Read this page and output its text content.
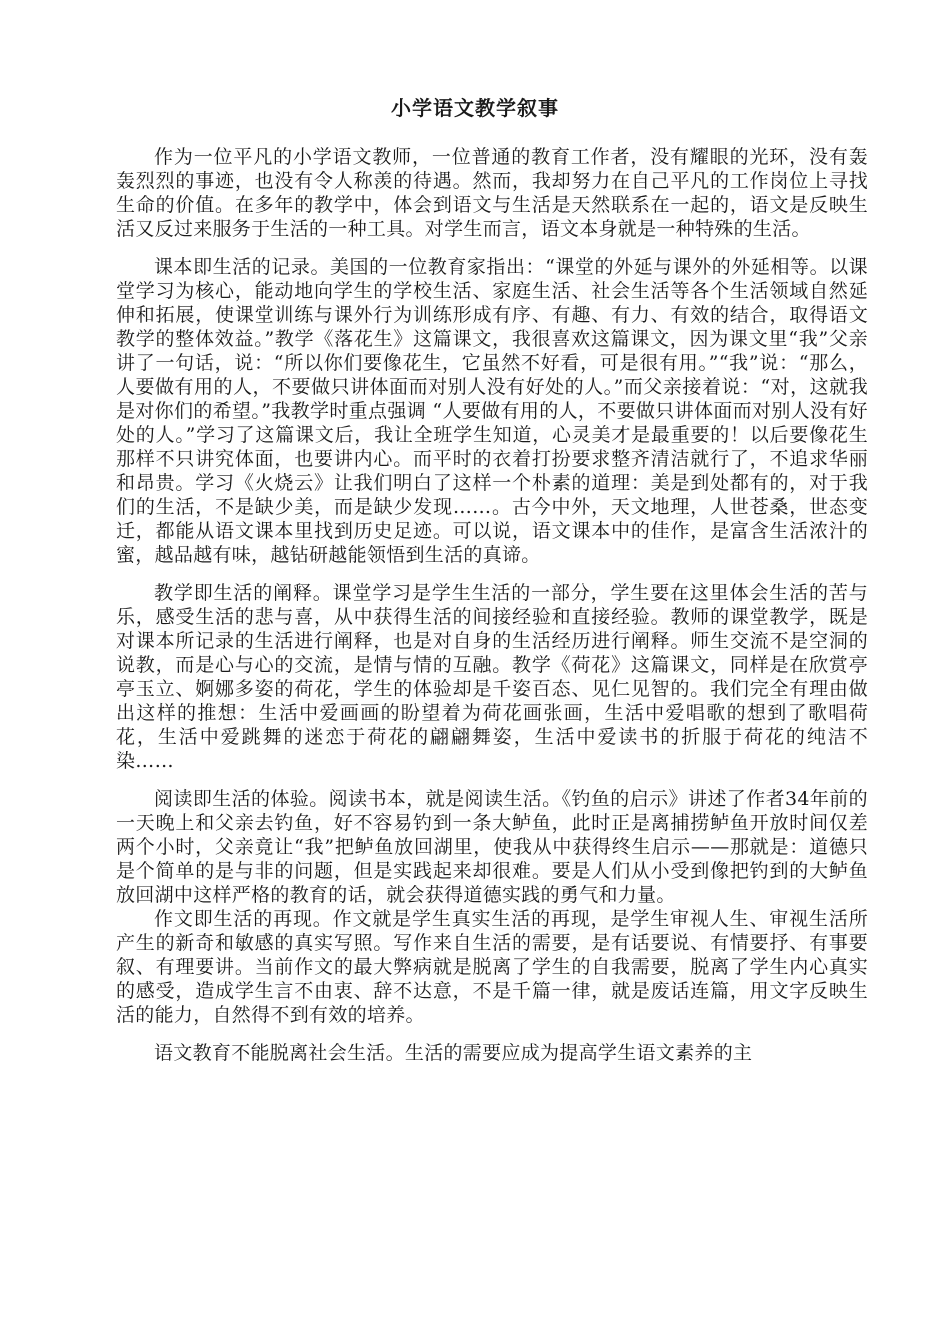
小学语文教学叙事

作为一位平凡的小学语文教师，一位普通的教育工作者，没有耀眼的光环，没有轰轰烈烈的事迹，也没有令人称羡的待遇。然而，我却努力在自己平凡的工作岗位上寻找生命的价值。在多年的教学中，体会到语文与生活是天然联系在一起的，语文是反映生活又反过来服务于生活的一种工具。对学生而言，语文本身就是一种特殊的生活。

课本即生活的记录。美国的一位教育家指出：“课堂的外延与课外的外延相等。以课堂学习为核心，能动地向学生的学校生活、家庭生活、社会生活等各个生活领域自然延伸和拓展，使课堂训练与课外行为训练形成有序、有趣、有力、有效的结合，取得语文教学的整体效益。”教学《落花生》这篇课文，我很喜欢这篇课文，因为课文里“我”父亲讲了一句话，说：“所以你们要像花生，它虽然不好看，可是很有用。”“我”说：“那么，人要做有用的人，不要做只讲体面而对别人没有好处的人。”而父亲接着说：“对，这就我是对你们的希望。”我教学时重点强调 “人要做有用的人，不要做只讲体面而对别人没有好处的人。”学习了这篇课文后，我让全班学生知道，心灵美才是最重要的！以后要像花生那样不只讲究体面，也要讲内心。而平时的衣着打扮要求整齐清洁就行了，不追求华丽和昂贵。学习《火烧云》让我们明白了这样一个朴素的道理：美是到处都有的，对于我们的生活，不是缺少美，而是缺少发现……。古今中外，天文地理，人世苍桑，世态变迁，都能从语文课本里找到历史足迹。可以说，语文课本中的佳作，是富含生活浓汁的蜜，越品越有味，越钻研越能领悟到生活的真谛。

教学即生活的阐释。课堂学习是学生生活的一部分，学生要在这里体会生活的苦与乐，感受生活的悲与喜，从中获得生活的间接经验和直接经验。教师的课堂教学，既是对课本所记录的生活进行阐释，也是对自身的生活经历进行阐释。师生交流不是空洞的说教，而是心与心的交流，是情与情的互融。教学《荷花》这篇课文，同样是在欣赏亭亭玉立、婀娜多姿的荷花，学生的体验却是千姿百态、见仁见智的。我们完全有理由做出这样的推想：生活中爱画画的盼望着为荷花画张画，生活中爱唱歌的想到了歌唱荷花，生活中爱跳舞的迷恋于荷花的翩翩舞姿，生活中爱读书的折服于荷花的纯洁不染……

阅读即生活的体验。阅读书本，就是阅读生活。《钓鱼的启示》讲述了作者34年前的一天晚上和父亲去钓鱼，好不容易钓到一条大鲈鱼，此时正是离捕捞鲈鱼开放时间仅差两个小时，父亲竟让“我”把鲈鱼放回湖里，使我从中获得终生启示——那就是：道德只是个简单的是与非的问题，但是实践起来却很难。要是人们从小受到像把钓到的大鲈鱼放回湖中这样严格的教育的话，就会获得道德实践的勇气和力量。

作文即生活的再现。作文就是学生真实生活的再现，是学生审视人生、审视生活所产生的新奇和敏感的真实写照。写作来自生活的需要，是有话要说、有情要抒、有事要叙、有理要讲。当前作文的最大弊病就是脱离了学生的自我需要，脱离了学生内心真实的感受，造成学生言不由衷、辞不达意，不是千篇一律，就是废话连篇，用文字反映生活的能力，自然得不到有效的培养。

语文教育不能脱离社会生活。生活的需要应成为提高学生语文素养的主
